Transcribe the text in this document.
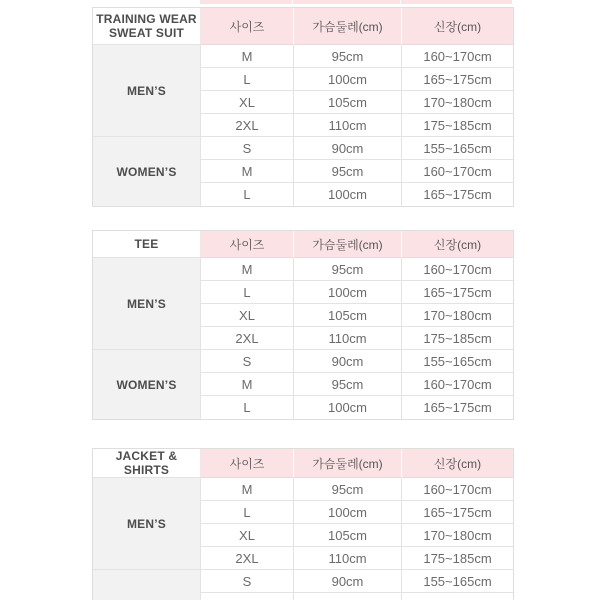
TRAINING WEAR
SWEAT SUIT	사이즈	가슴둘레(cm)	신장(cm)
MEN’S	M	95cm	160~170cm
	L	100cm	165~175cm
	XL	105cm	170~180cm
	2XL	110cm	175~185cm
WOMEN’S	S	90cm	155~165cm
	M	95cm	160~170cm
	L	100cm	165~175cm
TEE	사이즈	가슴둘레(cm)	신장(cm)
MEN’S	M	95cm	160~170cm
	L	100cm	165~175cm
	XL	105cm	170~180cm
	2XL	110cm	175~185cm
WOMEN’S	S	90cm	155~165cm
	M	95cm	160~170cm
	L	100cm	165~175cm
JACKET & SHIRTS	사이즈	가슴둘레(cm)	신장(cm)
MEN’S	M	95cm	160~170cm
	L	100cm	165~175cm
	XL	105cm	170~180cm
	2XL	110cm	175~185cm
	S	90cm	155~165cm
